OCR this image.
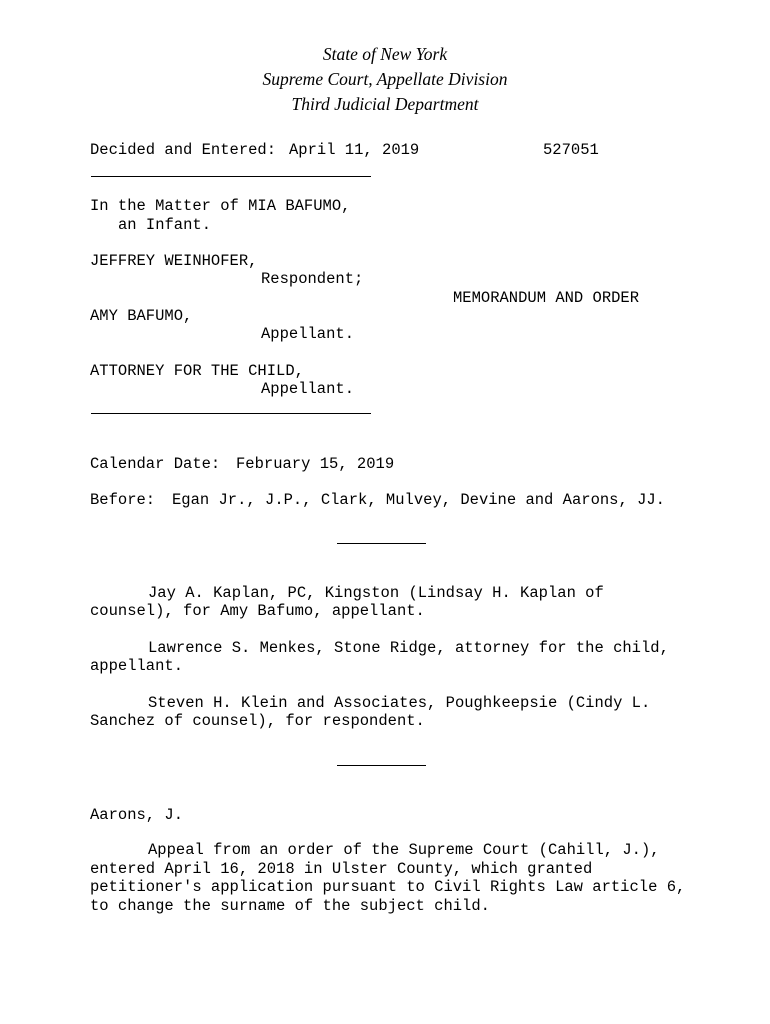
State of New York
Supreme Court, Appellate Division
Third Judicial Department
Decided and Entered: April 11, 2019	527051
In the Matter of MIA BAFUMO,
an Infant.
JEFFREY WEINHOFER,
Respondent;
MEMORANDUM AND ORDER
AMY BAFUMO,
Appellant.
ATTORNEY FOR THE CHILD,
Appellant.
Calendar Date: February 15, 2019
Before: Egan Jr., J.P., Clark, Mulvey, Devine and Aarons, JJ.
Jay A. Kaplan, PC, Kingston (Lindsay H. Kaplan of
counsel), for Amy Bafumo, appellant.
Lawrence S. Menkes, Stone Ridge, attorney for the child,
appellant.
Steven H. Klein and Associates, Poughkeepsie (Cindy L.
Sanchez of counsel), for respondent.
Aarons, J.
Appeal from an order of the Supreme Court (Cahill, J.),
entered April 16, 2018 in Ulster County, which granted
petitioner's application pursuant to Civil Rights Law article 6,
to change the surname of the subject child.
